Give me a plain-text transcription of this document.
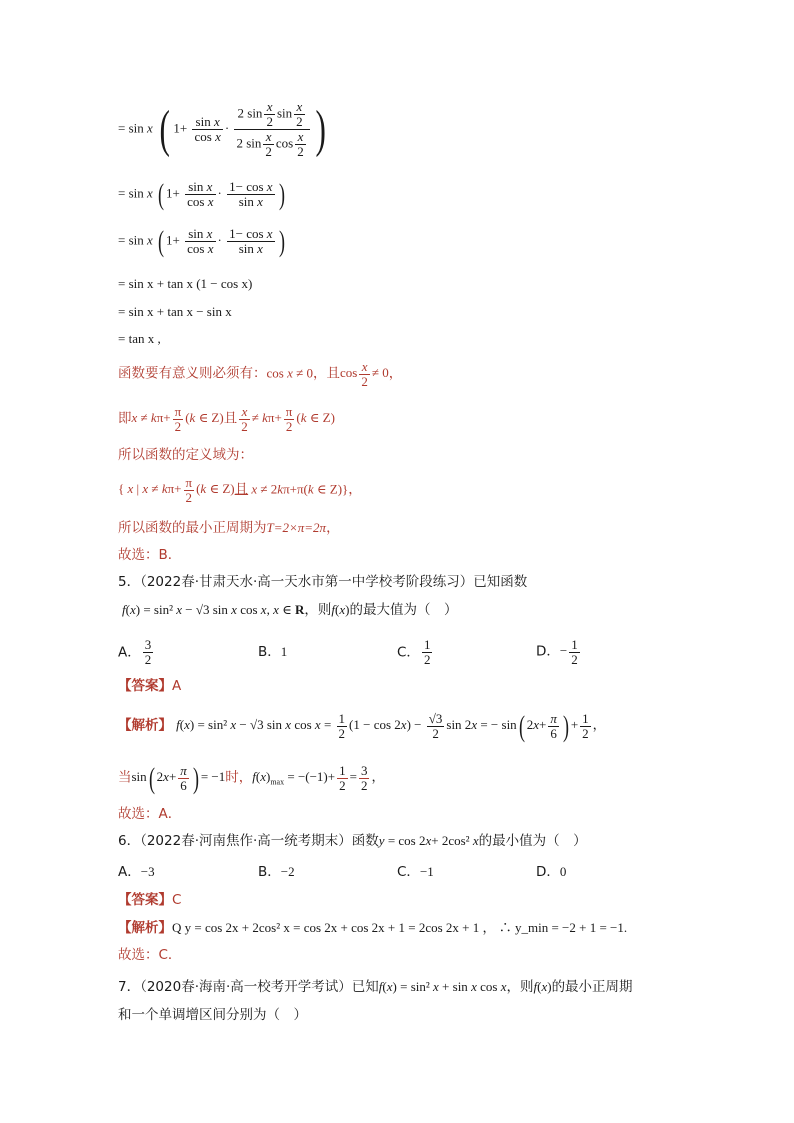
= sin x ( $1+ \frac{\text{sin x}}{\text{cos x}} \cdot \frac{2 \sin \frac{x}{2} \sin \frac{x}{2}}{2 \sin \frac{x}{2} \cos \frac{x}{2}}$ )
= sin x ( $1+ \frac{\text{sin x}}{\text{cos x}} \cdot \frac{\text{1− cos x}}{\text{sin x}}$ )
= sin x ( $1+ \frac{\text{sin x}}{\text{cos x}} \cdot \frac{\text{1− cos x}}{\text{sin x}}$ )
= sin x + tan x (1 − cos x)
= sin x + tan x − sin x
= tan x ,
函数要有意义则必须有：cos x ≠ 0，且$\cos \frac{x}{2} \ne 0$，
即$x \ne k\pi+ \frac{\pi}{2} (k$ ∈ Z)且 $\frac{x}{2} \ne k\pi+ \frac{\pi}{2} (k$ ∈ Z)
所以函数的定义域为：
{ x | $x \ne k\pi+ \frac{\pi}{2} (k$ ∈ Z)且 x ≠ 2kπ+π(k ∈ Z)}，
所以函数的最小正周期为T=2×π=2π，
故选：B．
5．（2022春·甘肃天水·高一天水市第一中学校考阶段练习）已知函数
f(x) = sin² x − √3 sin x cos x, x ∈ R，则f(x)的最大值为（　）
A． $\frac{3}{2}$	B．1	C． $\frac{1}{2}$	D．− $\frac{1}{2}$
【答案】A
【解析】 f(x) = sin² x − √3 sin x $\cos x = \frac{1}{2} (1 - \cos 2x) - \frac{√3}{2}$ sin 2x = − sin( $2x+ \frac{\pi}{6}$ ) + $\frac{1}{2}$ ，
当sin( $2x+ \frac{\pi}{6}$ ) = −1时，$f(x)_{max} = -(-1)+ \frac{1}{2} = \frac{3}{2}$ ，
故选：A．
6．（2022春·河南焦作·高一统考期末）函数y = cos 2x+ 2cos² x的最小值为（　）
A．−3	B．−2	C．−1	D．0
【答案】C
【解析】Q y = cos 2x + 2cos² x = cos 2x + cos 2x + 1 = 2cos 2x + 1 ， ∴ y_min = −2 + 1 = −1.
故选：C．
7．（2020春·海南·高一校考开学考试）已知f(x) = sin² x + sin x cos x，则f(x)的最小正周期
和一个单调增区间分别为（　）
